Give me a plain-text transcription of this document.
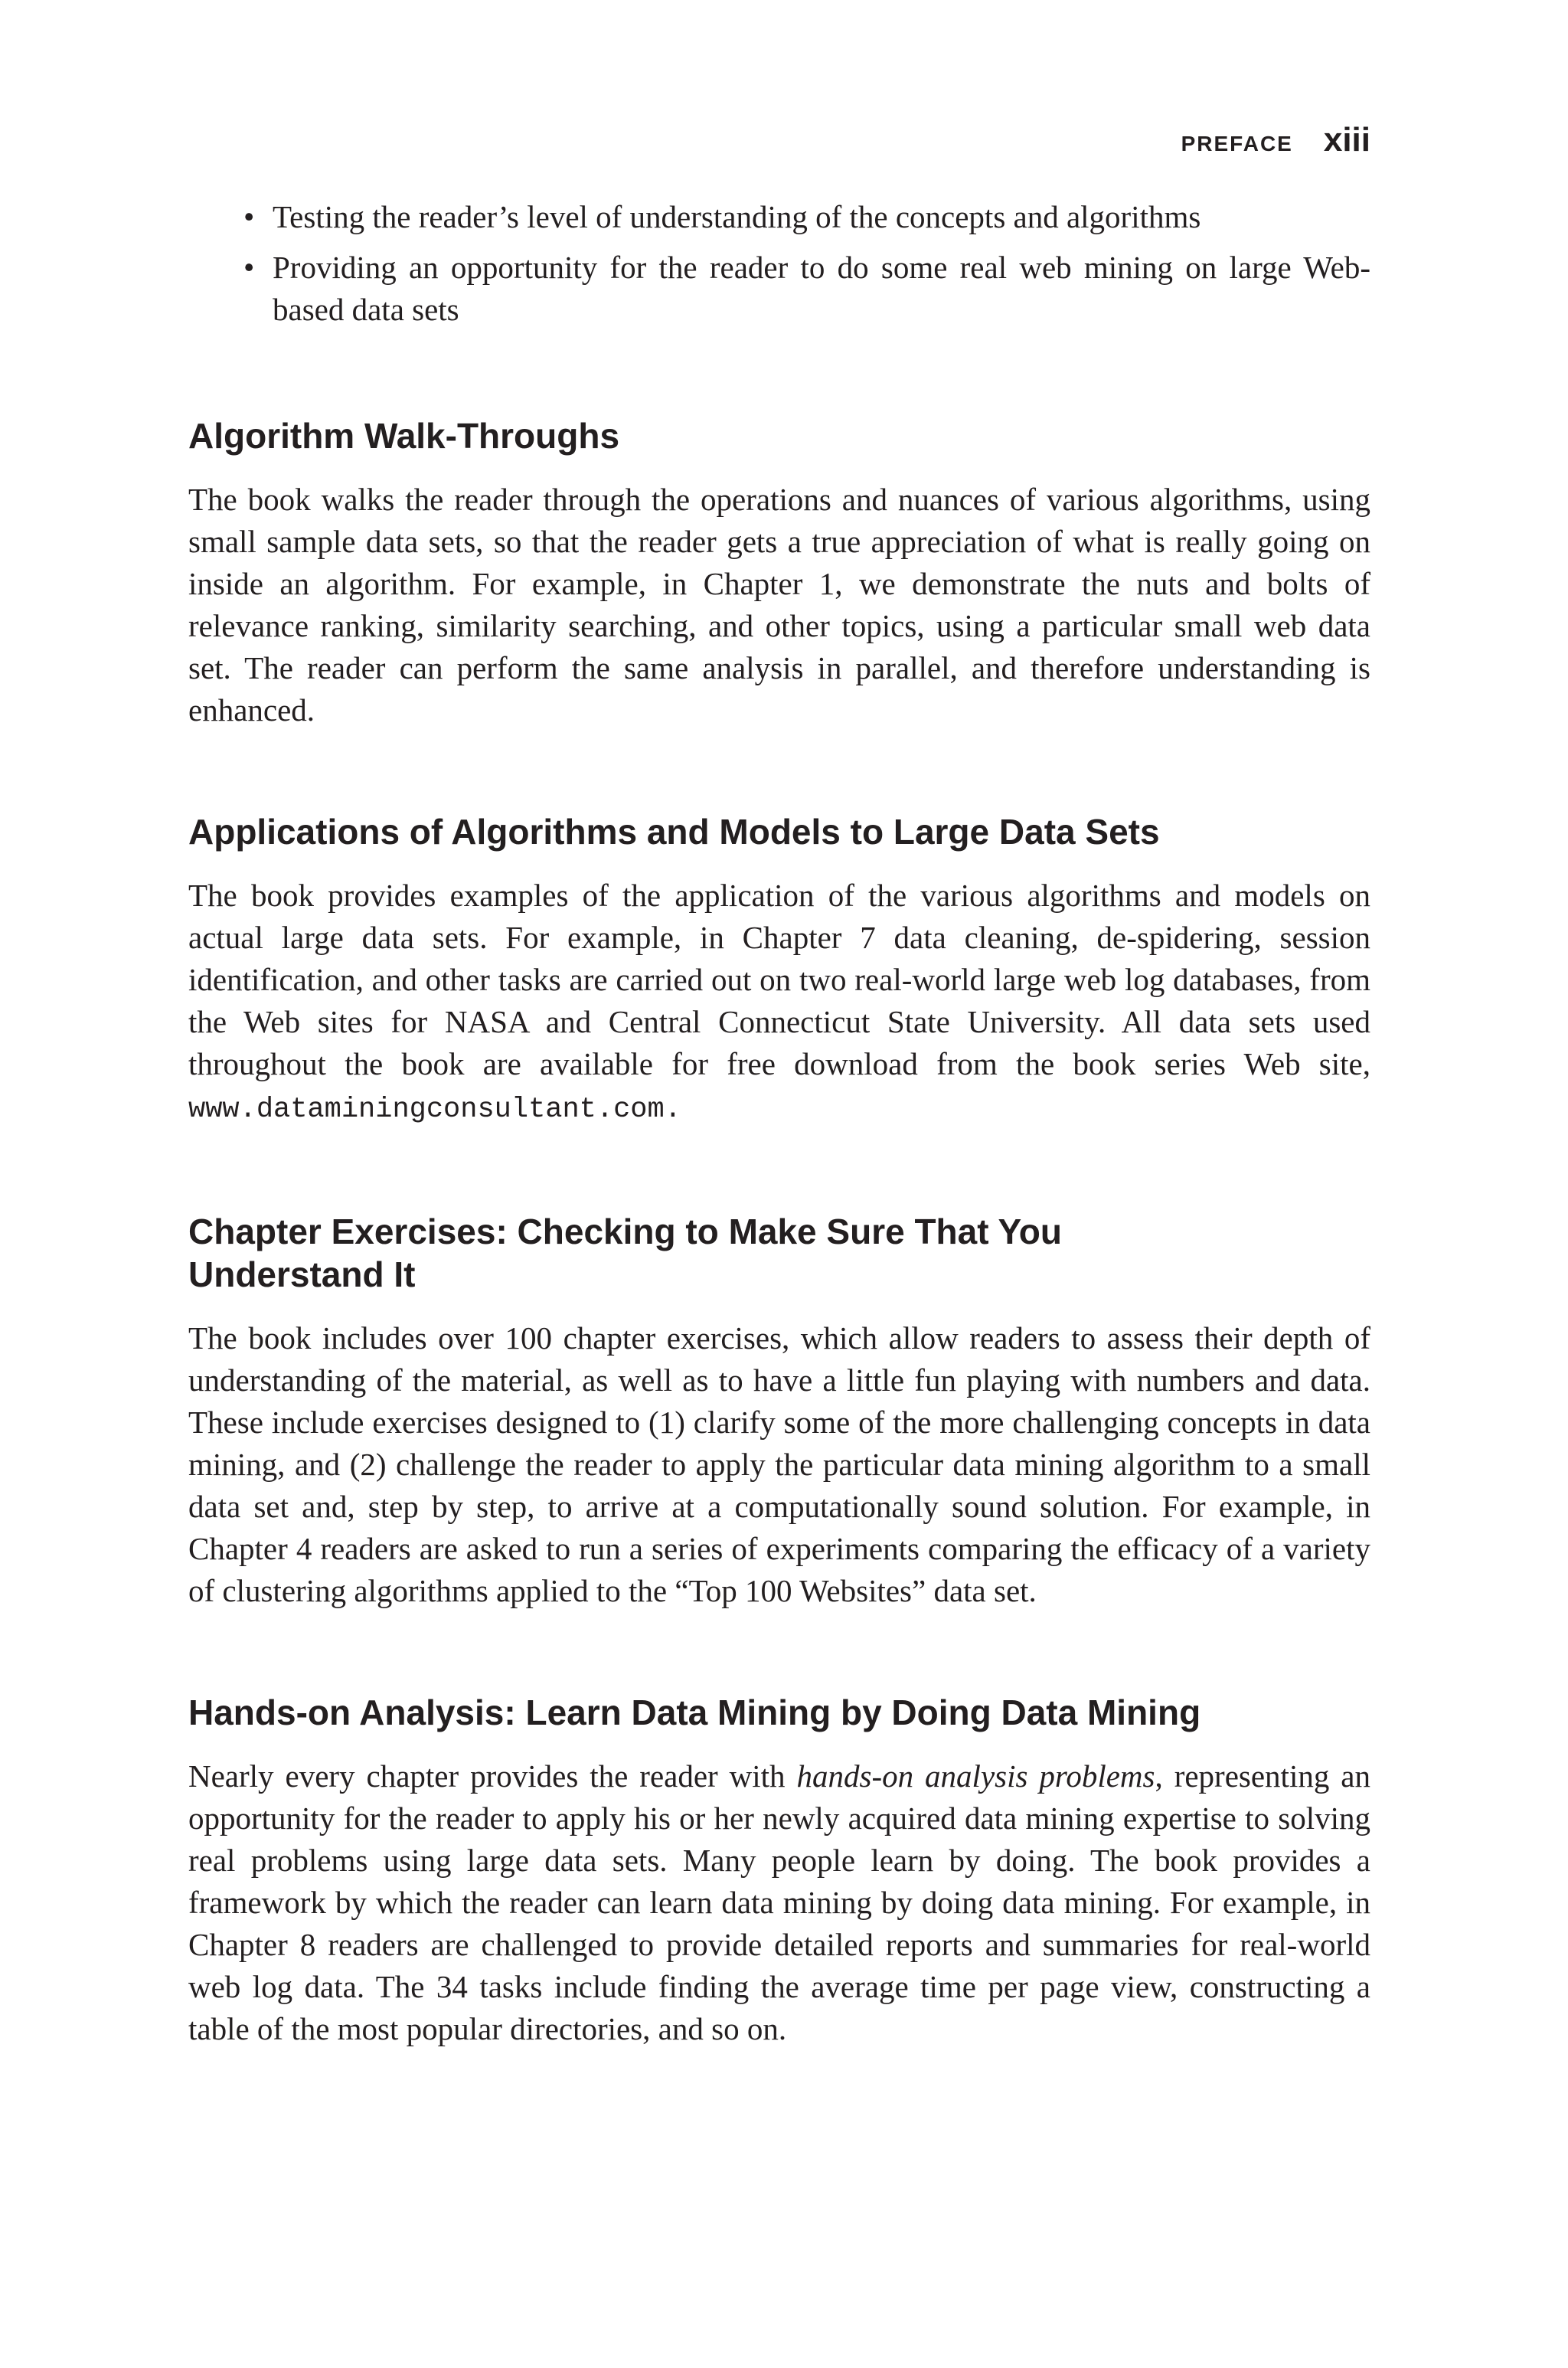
PREFACE xiii
• Testing the reader’s level of understanding of the concepts and algorithms
• Providing an opportunity for the reader to do some real web mining on large Web-based data sets
Algorithm Walk-Throughs

The book walks the reader through the operations and nuances of various algorithms, using small sample data sets, so that the reader gets a true appreciation of what is really going on inside an algorithm. For example, in Chapter 1, we demonstrate the nuts and bolts of relevance ranking, similarity searching, and other topics, using a particular small web data set. The reader can perform the same analysis in parallel, and therefore understanding is enhanced.

Applications of Algorithms and Models to Large Data Sets

The book provides examples of the application of the various algorithms and models on actual large data sets. For example, in Chapter 7 data cleaning, de-spidering, session identification, and other tasks are carried out on two real-world large web log databases, from the Web sites for NASA and Central Connecticut State University. All data sets used throughout the book are available for free download from the book series Web site, www.dataminingconsultant.com.

Chapter Exercises: Checking to Make Sure That You
Understand It

The book includes over 100 chapter exercises, which allow readers to assess their depth of understanding of the material, as well as to have a little fun playing with numbers and data. These include exercises designed to (1) clarify some of the more challenging concepts in data mining, and (2) challenge the reader to apply the particular data mining algorithm to a small data set and, step by step, to arrive at a computationally sound solution. For example, in Chapter 4 readers are asked to run a series of experiments comparing the efficacy of a variety of clustering algorithms applied to the “Top 100 Websites” data set.

Hands-on Analysis: Learn Data Mining by Doing Data Mining

Nearly every chapter provides the reader with hands-on analysis problems, representing an opportunity for the reader to apply his or her newly acquired data mining expertise to solving real problems using large data sets. Many people learn by doing. The book provides a framework by which the reader can learn data mining by doing data mining. For example, in Chapter 8 readers are challenged to provide detailed reports and summaries for real-world web log data. The 34 tasks include finding the average time per page view, constructing a table of the most popular directories, and so on.
